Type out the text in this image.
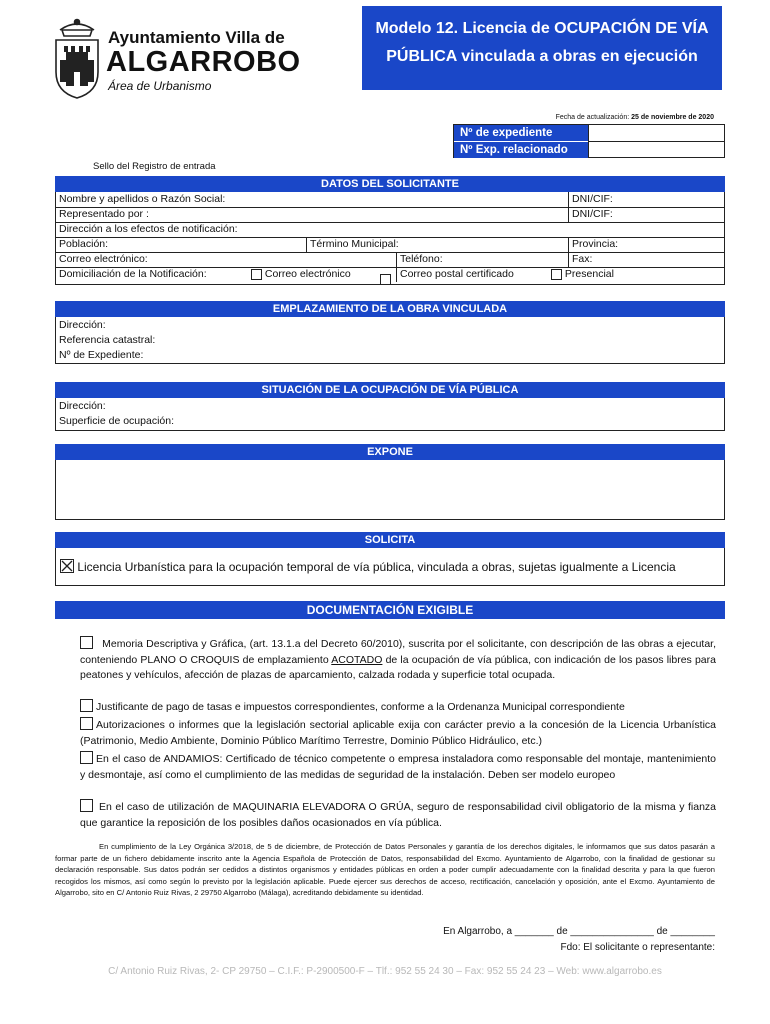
Ayuntamiento Villa de
ALGARROBO
Área de Urbanismo
Modelo 12. Licencia de OCUPACIÓN DE VÍA
PÚBLICA vinculada a obras en ejecución
Fecha de actualización: 25 de noviembre de 2020
Nº de expediente
Nº Exp. relacionado
Sello del Registro de entrada
DATOS DEL SOLICITANTE
Nombre y apellidos o Razón Social:	DNI/CIF:
Representado por :	DNI/CIF:
Dirección a los efectos de notificación:
Población:	Término Municipal:	Provincia:
Correo electrónico:	Teléfono:	Fax:
Domiciliación de la Notificación:	Correo electrónico	Correo postal certificado	Presencial
EMPLAZAMIENTO DE LA OBRA VINCULADA
Dirección:
Referencia catastral:
Nº de Expediente:
SITUACIÓN DE LA OCUPACIÓN DE VÍA PÚBLICA
Dirección:
Superficie de ocupación:
EXPONE
SOLICITA
Licencia Urbanística para la ocupación temporal de vía pública, vinculada a obras, sujetas igualmente a Licencia
DOCUMENTACIÓN EXIGIBLE
Memoria Descriptiva y Gráfica, (art. 13.1.a del Decreto 60/2010), suscrita por el solicitante, con descripción de las obras a ejecutar, conteniendo PLANO O CROQUIS de emplazamiento ACOTADO de la ocupación de vía pública, con indicación de los pasos libres para peatones y vehículos, afección de plazas de aparcamiento, calzada rodada y superficie total ocupada.
Justificante de pago de tasas e impuestos correspondientes, conforme a la Ordenanza Municipal correspondiente
Autorizaciones o informes que la legislación sectorial aplicable exija con carácter previo a la concesión de la Licencia Urbanística (Patrimonio, Medio Ambiente, Dominio Público Marítimo Terrestre, Dominio Público Hidráulico, etc.)
En el caso de ANDAMIOS: Certificado de técnico competente o empresa instaladora como responsable del montaje, mantenimiento y desmontaje, así como el cumplimiento de las medidas de seguridad de la instalación. Deben ser modelo europeo
En el caso de utilización de MAQUINARIA ELEVADORA O GRÚA, seguro de responsabilidad civil obligatorio de la misma y fianza que garantice la reposición de los posibles daños ocasionados en vía pública.
En cumplimiento de la Ley Orgánica 3/2018, de 5 de diciembre, de Protección de Datos Personales y garantía de los derechos digitales, le informamos que sus datos pasarán a formar parte de un fichero debidamente inscrito ante la Agencia Española de Protección de Datos, responsabilidad del Excmo. Ayuntamiento de Algarrobo, con la finalidad de gestionar su declaración responsable. Sus datos podrán ser cedidos a distintos organismos y entidades públicas en orden a poder cumplir adecuadamente con la finalidad descrita y para la que fueron recogidos los mismos, así como según lo previsto por la legislación aplicable. Puede ejercer sus derechos de acceso, rectificación, cancelación y oposición, ante el Excmo. Ayuntamiento de Algarrobo, sito en C/ Antonio Ruiz Rivas, 2 29750 Algarrobo (Málaga), acreditando debidamente su identidad.
En Algarrobo, a _______ de _______________ de ________
Fdo: El solicitante o representante:
C/ Antonio Ruiz Rivas, 2- CP 29750 – C.I.F.: P-2900500-F – Tlf.: 952 55 24 30 – Fax: 952 55 24 23 – Web: www.algarrobo.es
